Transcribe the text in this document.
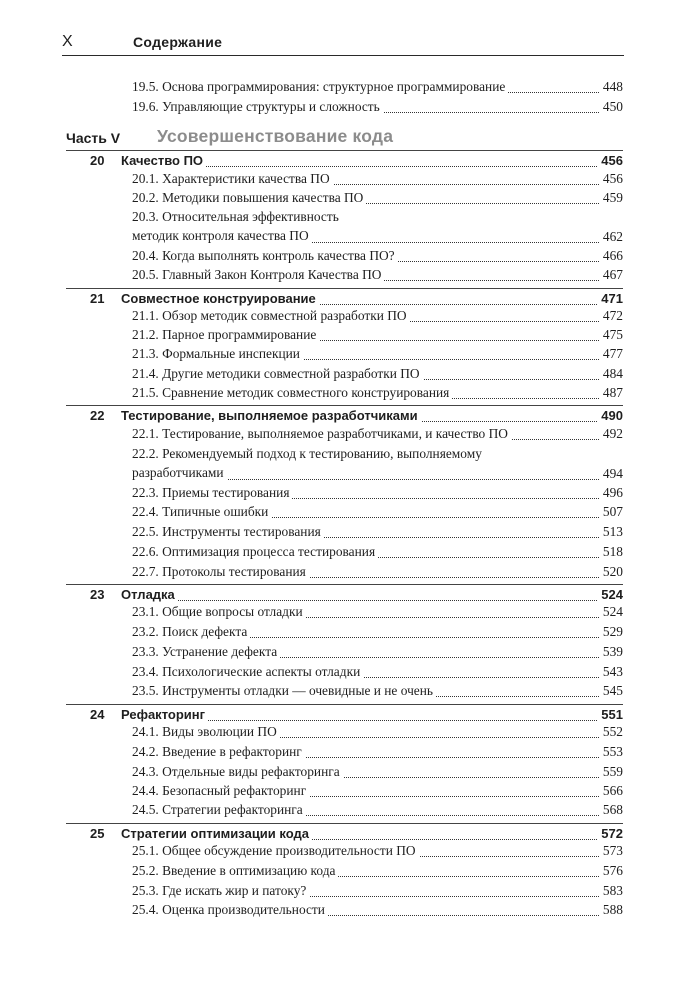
X	Содержание
19.5. Основа программирования: структурное программирование	448
19.6. Управляющие структуры и сложность	450
Часть V Усовершенствование кода
20 Качество ПО	456
20.1. Характеристики качества ПО	456
20.2. Методики повышения качества ПО	459
20.3. Относительная эффективность
методик контроля качества ПО	462
20.4. Когда выполнять контроль качества ПО?	466
20.5. Главный Закон Контроля Качества ПО	467
21 Совместное конструирование	471
21.1. Обзор методик совместной разработки ПО	472
21.2. Парное программирование	475
21.3. Формальные инспекции	477
21.4. Другие методики совместной разработки ПО	484
21.5. Сравнение методик совместного конструирования	487
22 Тестирование, выполняемое разработчиками	490
22.1. Тестирование, выполняемое разработчиками, и качество ПО	492
22.2. Рекомендуемый подход к тестированию, выполняемому
разработчиками	494
22.3. Приемы тестирования	496
22.4. Типичные ошибки	507
22.5. Инструменты тестирования	513
22.6. Оптимизация процесса тестирования	518
22.7. Протоколы тестирования	520
23 Отладка	524
23.1. Общие вопросы отладки	524
23.2. Поиск дефекта	529
23.3. Устранение дефекта	539
23.4. Психологические аспекты отладки	543
23.5. Инструменты отладки — очевидные и не очень	545
24 Рефакторинг	551
24.1. Виды эволюции ПО	552
24.2. Введение в рефакторинг	553
24.3. Отдельные виды рефакторинга	559
24.4. Безопасный рефакторинг	566
24.5. Стратегии рефакторинга	568
25 Стратегии оптимизации кода	572
25.1. Общее обсуждение производительности ПО	573
25.2. Введение в оптимизацию кода	576
25.3. Где искать жир и патоку?	583
25.4. Оценка производительности	588
